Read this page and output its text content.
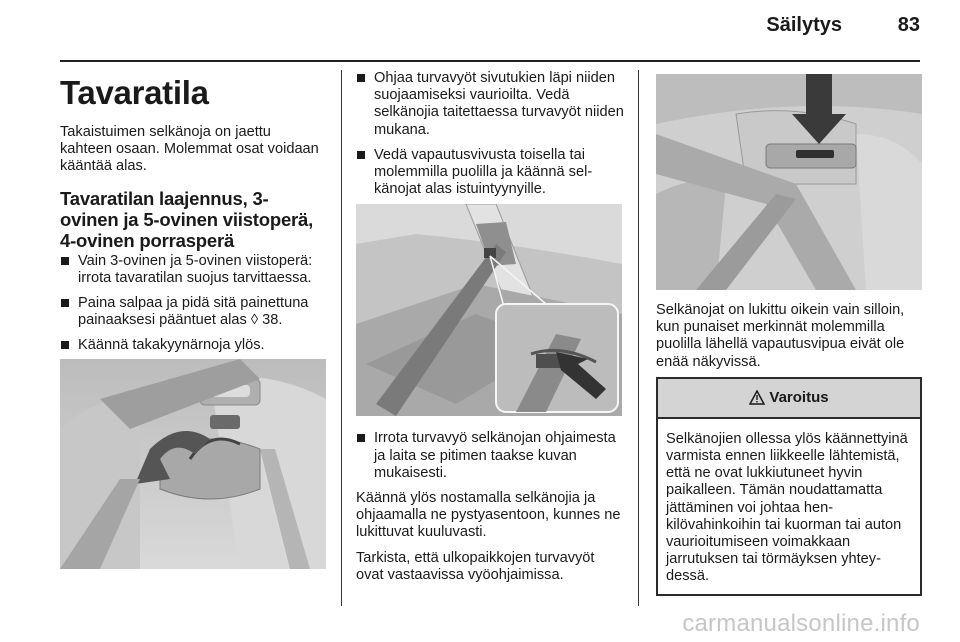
Säilytys	83
Tavaratila
Takaistuimen selkänoja on jaettu kahteen osaan. Molemmat osat voidaan kääntää alas.
Tavaratilan laajennus, 3-ovinen ja 5-ovinen viistoperä, 4-ovinen porrasperä
Vain 3-ovinen ja 5-ovinen viistoperä: irrota tavaratilan suojus tarvittaessa.
Paina salpaa ja pidä sitä painettuna painaaksesi pääntuet alas ◊ 38.
Käännä takakyynärnoja ylös.
Ohjaa turvavyöt sivutukien läpi niiden suojaamiseksi vaurioilta. Vedä selkänojia taitettaessa turvavyöt niiden mukana.
Vedä vapautusvivusta toisella tai molemmilla puolilla ja käännä selkänojat alas istuintyynyille.
Irrota turvavyö selkänojan ohjaimesta ja laita se pitimen taakse kuvan mukaisesti.
Käännä ylös nostamalla selkänojia ja ohjaamalla ne pystyasentoon, kunnes ne lukittuvat kuuluvasti.
Tarkista, että ulkopaikkojen turvavyöt ovat vastaavissa vyöohjaimissa.
Selkänojat on lukittu oikein vain silloin, kun punaiset merkinnät molemmilla puolilla lähellä vapautusvipua eivät ole enää näkyvissä.
Varoitus
Selkänojien ollessa ylös käännettyinä varmista ennen liikkeelle lähtemistä, että ne ovat lukkiutuneet hyvin paikalleen. Tämän noudattamatta jättäminen voi johtaa henkilövahinkoihin tai kuorman tai auton vaurioitumiseen voimakkaan jarrutuksen tai törmäyksen yhteydessä.
carmanualsonline.info
